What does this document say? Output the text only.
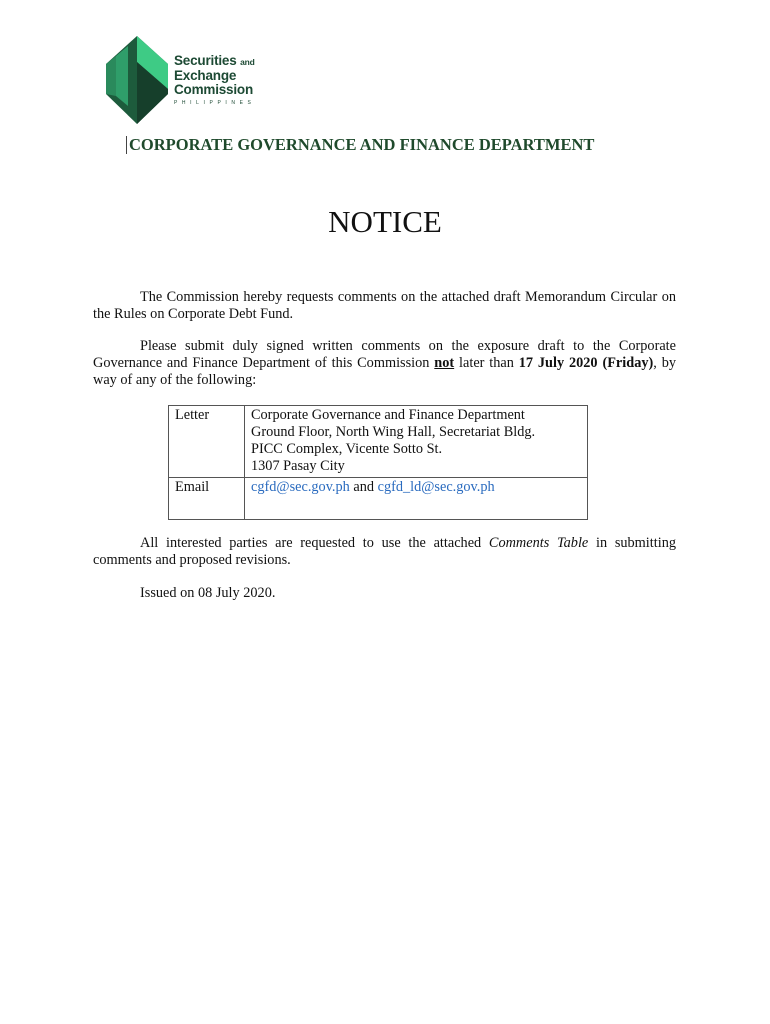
Securities and
Exchange
Commission
PHILIPPINES
CORPORATE GOVERNANCE AND FINANCE DEPARTMENT
NOTICE
The Commission hereby requests comments on the attached draft Memorandum Circular on the Rules on Corporate Debt Fund.
Please submit duly signed written comments on the exposure draft to the Corporate Governance and Finance Department of this Commission not later than 17 July 2020 (Friday), by way of any of the following:
Letter	Corporate Governance and Finance Department
Ground Floor, North Wing Hall, Secretariat Bldg.
PICC Complex, Vicente Sotto St.
1307 Pasay City

Email	cgfd@sec.gov.ph and cgfd_ld@sec.gov.ph
All interested parties are requested to use the attached Comments Table in submitting comments and proposed revisions.
Issued on 08 July 2020.
